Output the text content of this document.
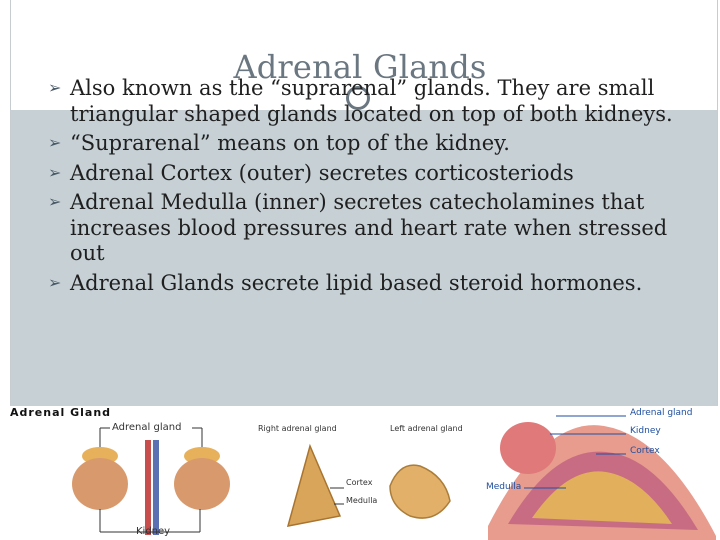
Adrenal Glands
➢ Also known as the “suprarenal” glands. They are small triangular shaped glands located on top of both kidneys.
➢ “Suprarenal” means on top of the kidney.
➢ Adrenal Cortex (outer) secretes corticosteriods
➢ Adrenal Medulla (inner) secretes catecholamines that increases blood pressures and heart rate when stressed out
➢ Adrenal Glands secrete lipid based steroid hormones.
Adrenal Gland
Adrenal gland
Kidney
Right adrenal gland	Left adrenal gland
Cortex
Medulla
Adrenal gland
Kidney
Cortex
Medulla
